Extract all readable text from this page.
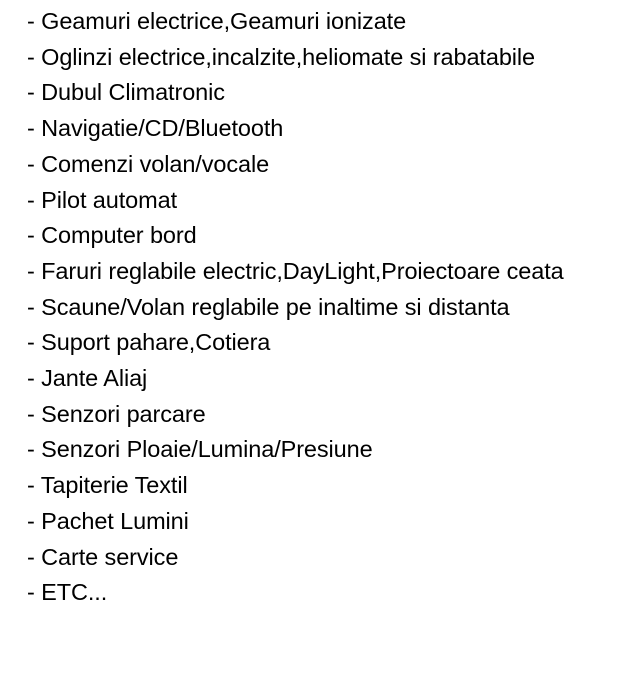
- Geamuri electrice,Geamuri ionizate
- Oglinzi electrice,incalzite,heliomate si rabatabile
- Dubul Climatronic
- Navigatie/CD/Bluetooth
- Comenzi volan/vocale
- Pilot automat
- Computer bord
- Faruri reglabile electric,DayLight,Proiectoare ceata
- Scaune/Volan reglabile pe inaltime si distanta
- Suport pahare,Cotiera
- Jante Aliaj
- Senzori parcare
- Senzori Ploaie/Lumina/Presiune
- Tapiterie Textil
- Pachet Lumini
- Carte service
- ETC...
